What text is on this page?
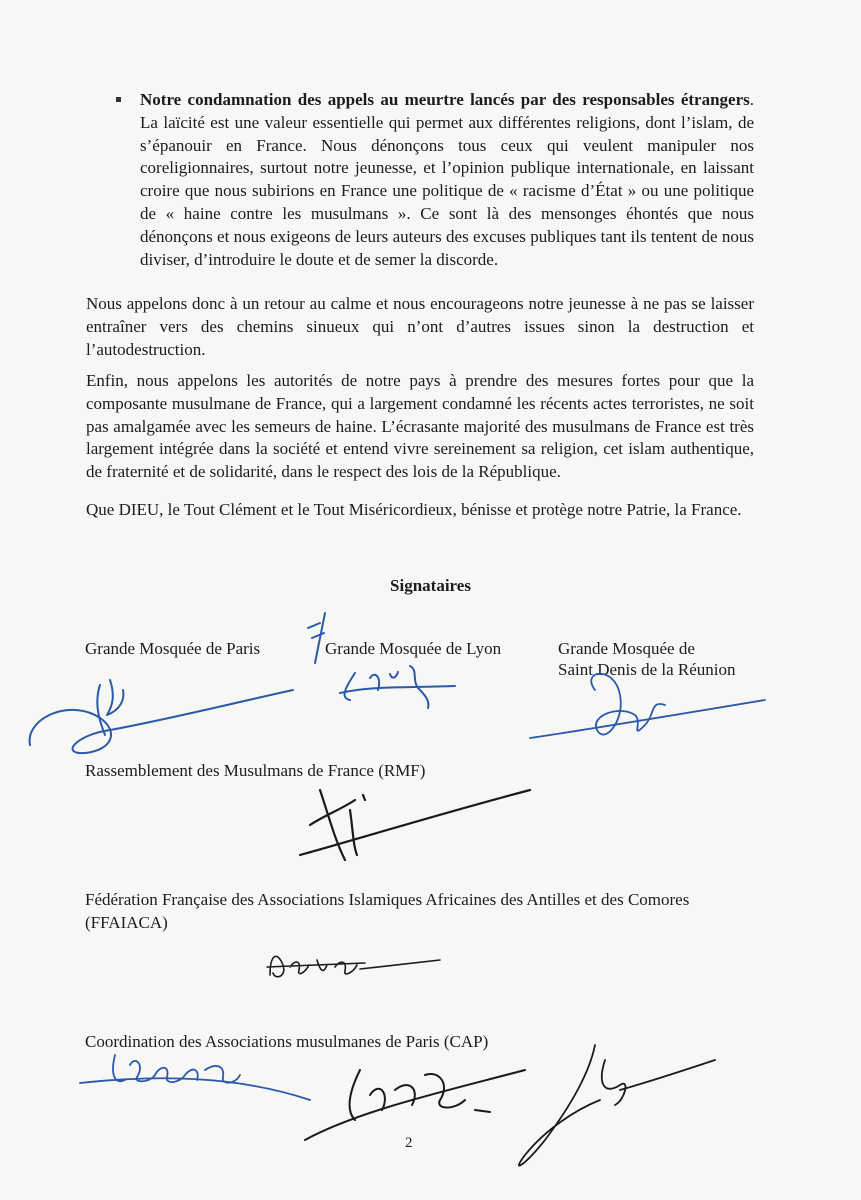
Notre condamnation des appels au meurtre lancés par des responsables étrangers. La laïcité est une valeur essentielle qui permet aux différentes religions, dont l’islam, de s’épanouir en France. Nous dénonçons tous ceux qui veulent manipuler nos coreligionnaires, surtout notre jeunesse, et l’opinion publique internationale, en laissant croire que nous subirions en France une politique de « racisme d’État » ou une politique de « haine contre les musulmans ». Ce sont là des mensonges éhontés que nous dénonçons et nous exigeons de leurs auteurs des excuses publiques tant ils tentent de nous diviser, d’introduire le doute et de semer la discorde.

Nous appelons donc à un retour au calme et nous encourageons notre jeunesse à ne pas se laisser entraîner vers des chemins sinueux qui n’ont d’autres issues sinon la destruction et l’autodestruction.

Enfin, nous appelons les autorités de notre pays à prendre des mesures fortes pour que la composante musulmane de France, qui a largement condamné les récents actes terroristes, ne soit pas amalgamée avec les semeurs de haine. L’écrasante majorité des musulmans de France est très largement intégrée dans la société et entend vivre sereinement sa religion, cet islam authentique, de fraternité et de solidarité, dans le respect des lois de la République.

Que DIEU, le Tout Clément et le Tout Miséricordieux, bénisse et protège notre Patrie, la France.

Signataires

Grande Mosquée de Paris	Grande Mosquée de Lyon	Grande Mosquée de

Saint Denis de la Réunion

Rassemblement des Musulmans de France (RMF)

Fédération Française des Associations Islamiques Africaines des Antilles et des Comores (FFAIACA)

Coordination des Associations musulmanes de Paris (CAP)

2
